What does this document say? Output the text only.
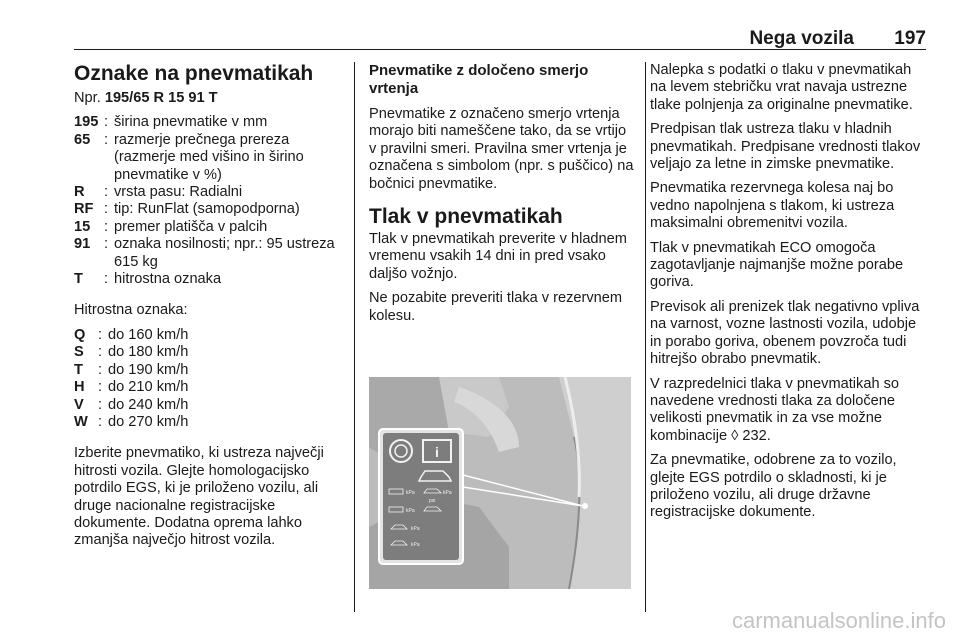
Nega vozila 197
Oznake na pnevmatikah

Npr. 195/65 R 15 91 T

195 : širina pnevmatike v mm
65 : razmerje prečnega prereza (razmerje med višino in širino pnevmatike v %)
R	: vrsta pasu: Radialni
RF : tip: RunFlat (samopodporna)
15 : premer platišča v palcih
91 : oznaka nosilnosti; npr.: 95 ustreza 615 kg
T	: hitrostna oznaka

Hitrostna oznaka:

Q : do 160 km/h
S : do 180 km/h
T	: do 190 km/h
H : do 210 km/h
V : do 240 km/h
W : do 270 km/h

Izberite pnevmatiko, ki ustreza največji hitrosti vozila. Glejte homologacijsko potrdilo EGS, ki je priloženo vozilu, ali druge nacionalne registracijske dokumente. Dodatna oprema lahko zmanjša največjo hitrost vozila.

Pnevmatike z določeno smerjo vrtenja

Pnevmatike z označeno smerjo vrtenja morajo biti nameščene tako, da se vrtijo v pravilni smeri. Pravilna smer vrtenja je označena s simbolom (npr. s puščico) na bočnici pnevmatike.

Tlak v pnevmatikah

Tlak v pnevmatikah preverite v hladnem vremenu vsakih 14 dni in pred vsako daljšo vožnjo.

Ne pozabite preveriti tlaka v rezervnem kolesu.

i
kPa	kPa
psi
kPa
kPa
kPa

Nalepka s podatki o tlaku v pnevmatikah na levem stebričku vrat navaja ustrezne tlake polnjenja za originalne pnevmatike.

Predpisan tlak ustreza tlaku v hladnih pnevmatikah. Predpisane vrednosti tlakov veljajo za letne in zimske pnevmatike.

Pnevmatika rezervnega kolesa naj bo vedno napolnjena s tlakom, ki ustreza maksimalni obremenitvi vozila.

Tlak v pnevmatikah ECO omogoča zagotavljanje najmanjše možne porabe goriva.

Previsok ali prenizek tlak negativno vpliva na varnost, vozne lastnosti vozila, udobje in porabo goriva, obenem povzroča tudi hitrejšo obrabo pnevmatik.

V razpredelnici tlaka v pnevmatikah so navedene vrednosti tlaka za določene velikosti pnevmatik in za vse možne kombinacije ◊ 232.

Za pnevmatike, odobrene za to vozilo, glejte EGS potrdilo o skladnosti, ki je priloženo vozilu, ali druge državne registracijske dokumente.

carmanualsonline.info
